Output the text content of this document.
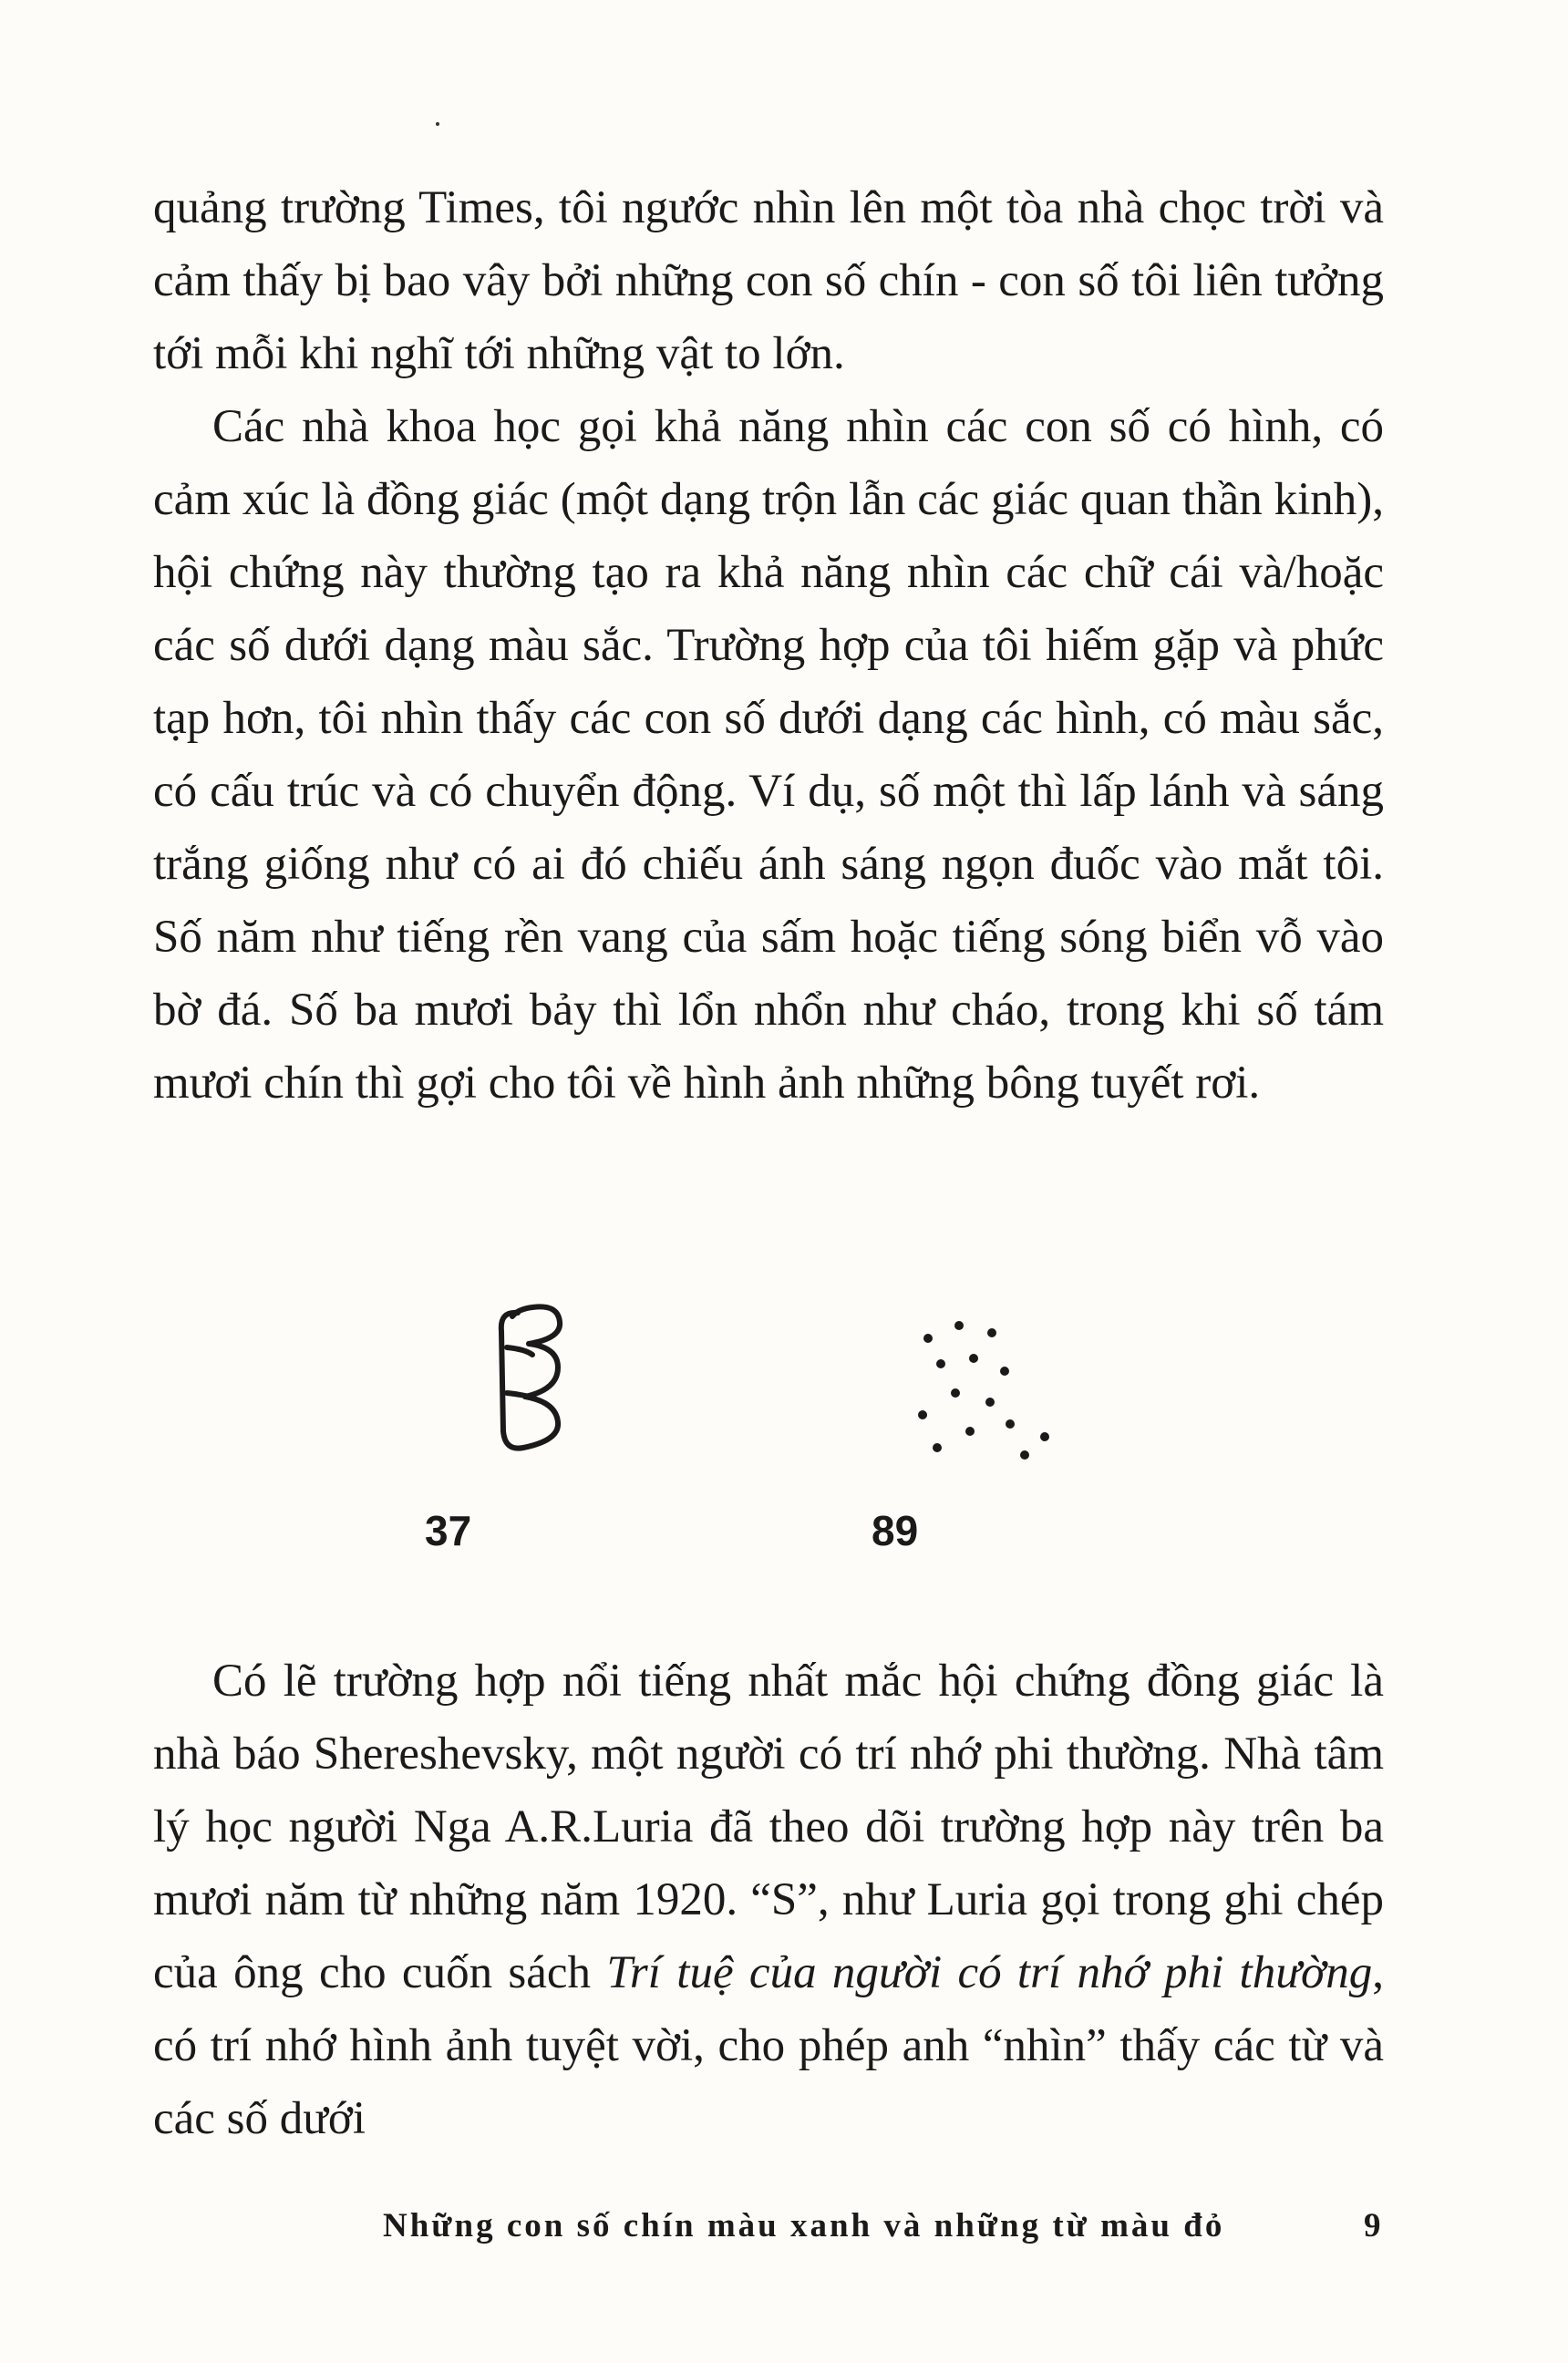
quảng trường Times, tôi ngước nhìn lên một tòa nhà chọc trời và cảm thấy bị bao vây bởi những con số chín - con số tôi liên tưởng tới mỗi khi nghĩ tới những vật to lớn.

Các nhà khoa học gọi khả năng nhìn các con số có hình, có cảm xúc là đồng giác (một dạng trộn lẫn các giác quan thần kinh), hội chứng này thường tạo ra khả năng nhìn các chữ cái và/hoặc các số dưới dạng màu sắc. Trường hợp của tôi hiếm gặp và phức tạp hơn, tôi nhìn thấy các con số dưới dạng các hình, có màu sắc, có cấu trúc và có chuyển động. Ví dụ, số một thì lấp lánh và sáng trắng giống như có ai đó chiếu ánh sáng ngọn đuốc vào mắt tôi. Số năm như tiếng rền vang của sấm hoặc tiếng sóng biển vỗ vào bờ đá. Số ba mươi bảy thì lổn nhổn như cháo, trong khi số tám mươi chín thì gợi cho tôi về hình ảnh những bông tuyết rơi.

37	89

Có lẽ trường hợp nổi tiếng nhất mắc hội chứng đồng giác là nhà báo Shereshevsky, một người có trí nhớ phi thường. Nhà tâm lý học người Nga A.R.Luria đã theo dõi trường hợp này trên ba mươi năm từ những năm 1920. “S”, như Luria gọi trong ghi chép của ông cho cuốn sách Trí tuệ của người có trí nhớ phi thường, có trí nhớ hình ảnh tuyệt vời, cho phép anh “nhìn” thấy các từ và các số dưới

Những con số chín màu xanh và những từ màu đỏ	9
